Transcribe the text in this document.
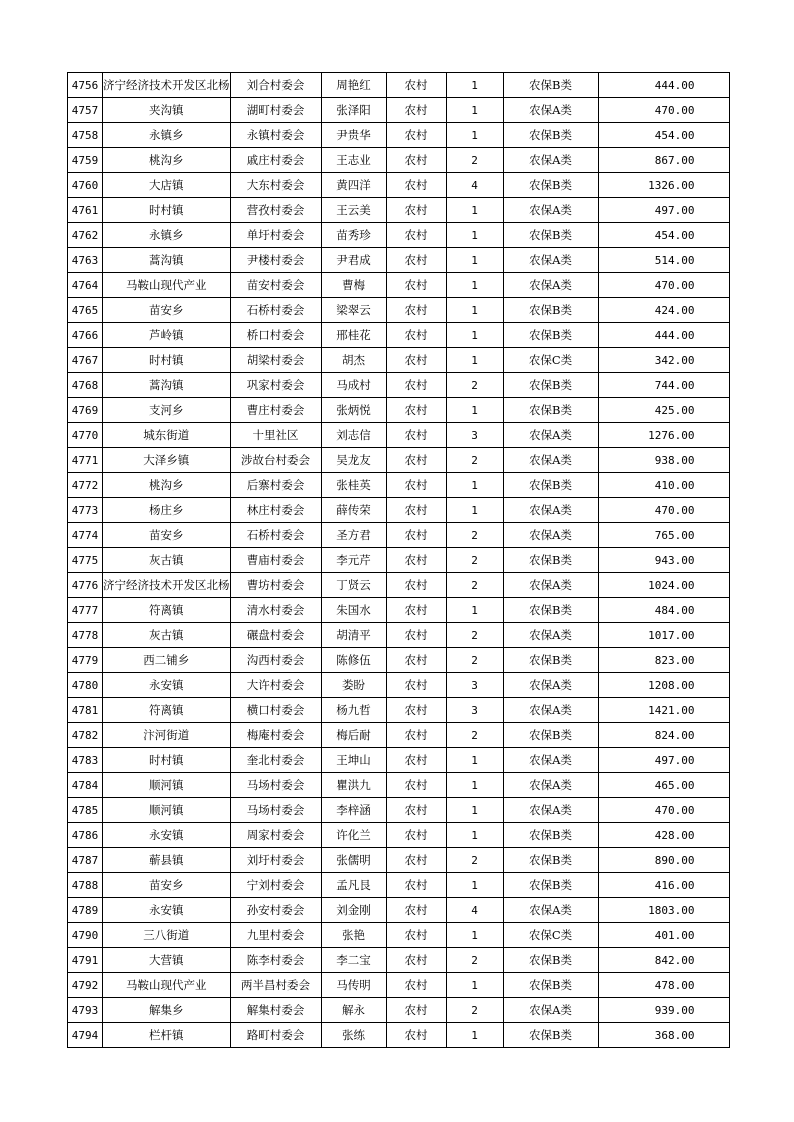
4756	济宁经济技术开发区北杨	刘合村委会	周艳红	农村	1	农保B类	444.00
4757	夹沟镇	湖町村委会	张泽阳	农村	1	农保A类	470.00
4758	永镇乡	永镇村委会	尹贵华	农村	1	农保B类	454.00
4759	桃沟乡	戚庄村委会	王志业	农村	2	农保A类	867.00
4760	大店镇	大东村委会	黄四洋	农村	4	农保B类	1326.00
4761	时村镇	营孜村委会	王云美	农村	1	农保A类	497.00
4762	永镇乡	单圩村委会	苗秀珍	农村	1	农保B类	454.00
4763	蒿沟镇	尹楼村委会	尹君成	农村	1	农保A类	514.00
4764	马鞍山现代产业	苗安村委会	曹梅	农村	1	农保A类	470.00
4765	苗安乡	石桥村委会	梁翠云	农村	1	农保B类	424.00
4766	芦岭镇	桥口村委会	邢桂花	农村	1	农保B类	444.00
4767	时村镇	胡梁村委会	胡杰	农村	1	农保C类	342.00
4768	蒿沟镇	巩家村委会	马成村	农村	2	农保B类	744.00
4769	支河乡	曹庄村委会	张炳悦	农村	1	农保B类	425.00
4770	城东街道	十里社区	刘志信	农村	3	农保A类	1276.00
4771	大泽乡镇	涉故台村委会	吴龙友	农村	2	农保A类	938.00
4772	桃沟乡	后寨村委会	张桂英	农村	1	农保B类	410.00
4773	杨庄乡	林庄村委会	薛传荣	农村	1	农保A类	470.00
4774	苗安乡	石桥村委会	圣方君	农村	2	农保A类	765.00
4775	灰古镇	曹庙村委会	李元芹	农村	2	农保B类	943.00
4776	济宁经济技术开发区北杨	曹坊村委会	丁贤云	农村	2	农保A类	1024.00
4777	符离镇	清水村委会	朱国水	农村	1	农保B类	484.00
4778	灰古镇	碾盘村委会	胡清平	农村	2	农保A类	1017.00
4779	西二铺乡	沟西村委会	陈修伍	农村	2	农保B类	823.00
4780	永安镇	大许村委会	娄盼	农村	3	农保A类	1208.00
4781	符离镇	横口村委会	杨九哲	农村	3	农保A类	1421.00
4782	汴河街道	梅庵村委会	梅后耐	农村	2	农保B类	824.00
4783	时村镇	奎北村委会	王坤山	农村	1	农保A类	497.00
4784	顺河镇	马场村委会	瞿洪九	农村	1	农保A类	465.00
4785	顺河镇	马场村委会	李梓涵	农村	1	农保A类	470.00
4786	永安镇	周家村委会	许化兰	农村	1	农保B类	428.00
4787	蕲县镇	刘圩村委会	张儒明	农村	2	农保B类	890.00
4788	苗安乡	宁刘村委会	孟凡艮	农村	1	农保B类	416.00
4789	永安镇	孙安村委会	刘金刚	农村	4	农保A类	1803.00
4790	三八街道	九里村委会	张艳	农村	1	农保C类	401.00
4791	大营镇	陈李村委会	李二宝	农村	2	农保B类	842.00
4792	马鞍山现代产业	两半昌村委会	马传明	农村	1	农保B类	478.00
4793	解集乡	解集村委会	解永	农村	2	农保A类	939.00
4794	栏杆镇	路町村委会	张练	农村	1	农保B类	368.00
